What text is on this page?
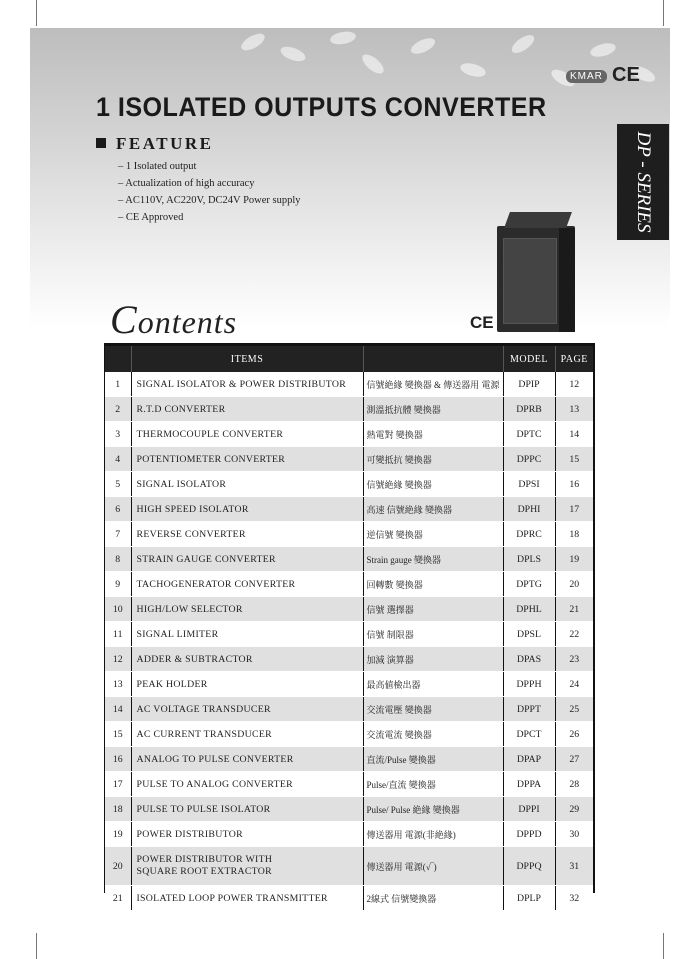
KMAR CE
1 ISOLATED OUTPUTS CONVERTER
FEATURE
– 1 Isolated output
– Actualization of high accuracy
– AC110V, AC220V, DC24V Power supply
– CE Approved	DP - SERIES
Contents	CE
	ITEMS		MODEL	PAGE
1	SIGNAL ISOLATOR & POWER DISTRIBUTOR	信號絶緣 變換器 & 傳送器用 電源	DPIP	12
2	R.T.D CONVERTER	測溫抵抗體 變換器	DPRB	13
3	THERMOCOUPLE CONVERTER	熱電對 變換器	DPTC	14
4	POTENTIOMETER CONVERTER	可變抵抗 變換器	DPPC	15
5	SIGNAL ISOLATOR	信號絶緣 變換器	DPSI	16
6	HIGH SPEED ISOLATOR	高速 信號絶緣 變換器	DPHI	17
7	REVERSE CONVERTER	逆信號 變換器	DPRC	18
8	STRAIN GAUGE CONVERTER	Strain gauge 變換器	DPLS	19
9	TACHOGENERATOR CONVERTER	回轉數 變換器	DPTG	20
10	HIGH/LOW SELECTOR	信號 選擇器	DPHL	21
11	SIGNAL LIMITER	信號 制限器	DPSL	22
12	ADDER & SUBTRACTOR	加減 演算器	DPAS	23
13	PEAK HOLDER	最高値檢出器	DPPH	24
14	AC VOLTAGE TRANSDUCER	交流電壓 變換器	DPPT	25
15	AC CURRENT TRANSDUCER	交流電流 變換器	DPCT	26
16	ANALOG TO PULSE CONVERTER	直流/Pulse 變換器	DPAP	27
17	PULSE TO ANALOG CONVERTER	Pulse/直流 變換器	DPPA	28
18	PULSE TO PULSE ISOLATOR	Pulse/ Pulse 絶緣 變換器	DPPI	29
19	POWER DISTRIBUTOR	傳送器用 電源(非絶緣)	DPPD	30
20	POWER DISTRIBUTOR WITH
SQUARE ROOT EXTRACTOR	傳送器用 電源(√‾)	DPPQ	31
21	ISOLATED LOOP POWER TRANSMITTER	2線式 信號變換器	DPLP	32
